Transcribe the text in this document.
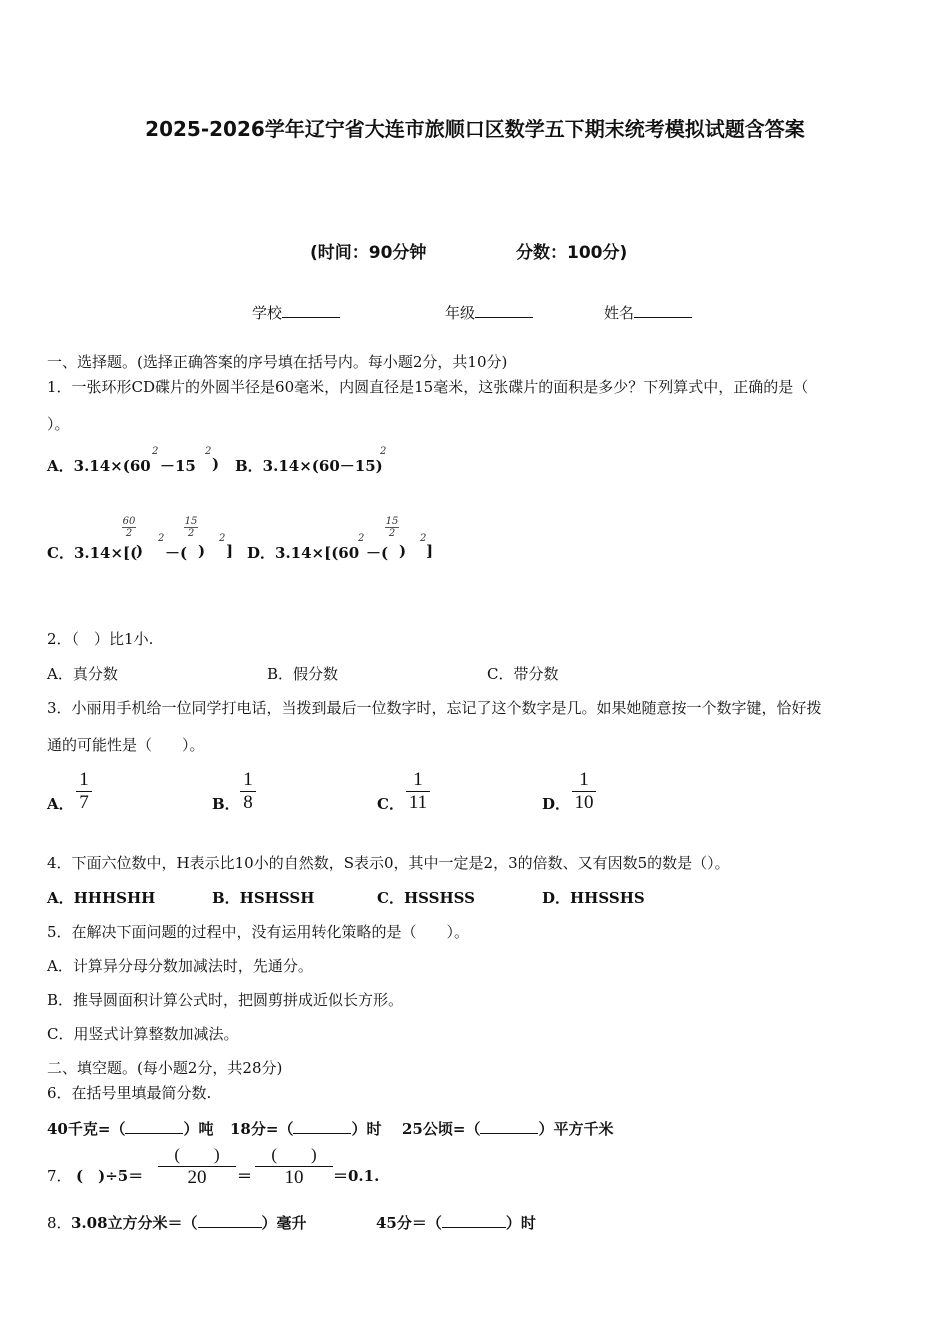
2025-2026学年辽宁省大连市旅顺口区数学五下期末统考模拟试题含答案
(时间：90分钟	分数：100分)
学校	年级	姓名
一、选择题。(选择正确答案的序号填在括号内。每小题2分，共10分)
1．一张环形CD碟片的外圆半径是60毫米，内圆直径是15毫米，这张碟片的面积是多少？下列算式中，正确的是（
）。
A．3.14×(60
2
－15
2
) B．3.14×(60－15)
2
C．3.14×[(
60
2
)
2
－(
15
2
)
2
] D．3.14×[(60
2
－(
15
2
)
2
]
2．（　）比1小.
A．真分数	B．假分数	C．带分数
3．小丽用手机给一位同学打电话，当拨到最后一位数字时，忘记了这个数字是几。如果她随意按一个数字键，恰好拨
通的可能性是（　　）。
A．
1
7	B．
1
8	C．
1
11	D．
1
10
4．下面六位数中，H表示比10小的自然数，S表示0，其中一定是2，3的倍数、又有因数5的数是（）。
A．HHHSHH	B．HSHSSH	C．HSSHSS	D．HHSSHS
5．在解决下面问题的过程中，没有运用转化策略的是（　　）。
A．计算异分母分数加减法时，先通分。
B．推导圆面积计算公式时，把圆剪拼成近似长方形。
C．用竖式计算整数加减法。
二、填空题。(每小题2分，共28分)
6．在括号里填最简分数.
40千克=（	）吨 18分=（	）时 25公顷=（	）平方千米
7． (　)÷5＝
(　　)
20	＝
(　　)
10	＝0.1.
8． 3.08立方分米＝（	）毫升	45分＝（	）时
